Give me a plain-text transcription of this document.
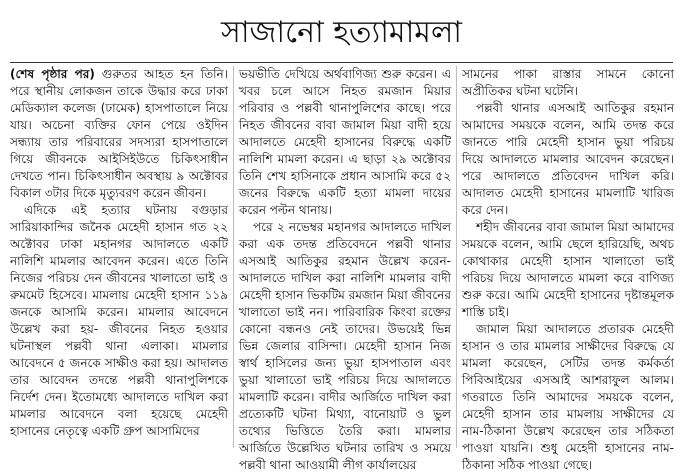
সাজানো হত্যামামলা

(শেষ পৃষ্ঠার পর) গুরুতর আহত হন তিনি। পরে স্থানীয় লোকজন তাকে উদ্ধার করে ঢাকা মেডিক্যাল কলেজ (ঢামেক) হাসপাতালে নিয়ে যায়। অচেনা ব্যক্তির ফোন পেয়ে ওইদিন সন্ধ্যায় তার পরিবারের সদস্যরা হাসপাতালে গিয়ে জীবনকে আইসিইউতে চিকিৎসাধীন দেখতে পান। চিকিৎসাধীন অবস্থায় ৯ অক্টোবর বিকাল ৩টার দিকে মৃত্যুবরণ করেন জীবন।

এদিকে এই হত্যার ঘটনায় বগুড়ার সারিয়াকান্দির জনৈক মেহেদী হাসান গত ২২ অক্টোবর ঢাকা মহানগর আদালতে একটি নালিশি মামলার আবেদন করেন। এতে তিনি নিজের পরিচয় দেন জীবনের খালাতো ভাই ও রুমমেট হিসেবে। মামলায় মেহেদী হাসান ১১৯ জনকে আসামি করেন। মামলার আবেদনে উল্লেখ করা হয়- জীবনের নিহত হওয়ার ঘটনাস্থল পল্লবী থানা এলাকা। মামলার আবেদনে ৫ জনকে সাক্ষীও করা হয়। আদালত তার আবেদন তদন্তে পল্লবী থানাপুলিশকে নির্দেশ দেন। ইতোমধ্যে আদালতে দাখিল করা মামলার আবেদনে বলা হয়েছে মেহেদী হাসানের নেতৃত্বে একটি গ্রুপ আসামিদের

ভয়ভীতি দেখিয়ে অর্থবাণিজ্য শুরু করেন। এ খবর চলে আসে নিহত রমজান মিয়ার পরিবার ও পল্লবী থানাপুলিশের কাছে। পরে নিহত জীবনের বাবা জামাল মিয়া বাদী হয়ে আদালতে মেহেদী হাসানের বিরুদ্ধে একটি নালিশি মামলা করেন। এ ছাড়া ২৯ অক্টোবর তিনি শেখ হাসিনাকে প্রধান আসামি করে ৫২ জনের বিরুদ্ধে একটি হত্যা মামলা দায়ের করেন পল্টন থানায়।

পরে ২ নভেম্বর মহানগর আদালতে দাখিল করা এক তদন্ত প্রতিবেদনে পল্লবী থানার এসআই আতিকুর রহমান উল্লেখ করেন- আদালতে দাখিল করা নালিশি মামলার বাদী মেহেদী হাসান ভিকটিম রমজান মিয়া জীবনের খালাতো ভাই নন। পারিবারিক কিংবা রক্তের কোনো বন্ধনও নেই তাদের। উভয়েই ভিন্ন ভিন্ন জেলার বাসিন্দা। মেহেদী হাসান নিজ স্বার্থ হাসিলের জন্য ভুয়া হাসপাতাল এবং ভুয়া খালাতো ভাই পরিচয় দিয়ে আদালতে মামলাটি করেন। বাদীর আর্জিতে দাখিল করা প্রত্যেকটি ঘটনা মিথ্যা, বানোয়াট ও ভুল তথ্যের ভিত্তিতে তৈরি করা। মামলার আর্জিতে উল্লেখিত ঘটনার তারিখ ও সময়ে পল্লবী থানা আওয়ামী লীগ কার্যালয়ের

সামনের পাকা রাস্তার সামনে কোনো অপ্রীতিকর ঘটনা ঘটেনি।

পল্লবী থানার এসআই আতিকুর রহমান আমাদের সময়কে বলেন, আমি তদন্ত করে জানতে পারি মেহেদী হাসান ভুয়া পরিচয় দিয়ে আদালতে মামলার আবেদন করেছেন। পরে আদালতে প্রতিবেদন দাখিল করি। আদালত মেহেদী হাসানের মামলাটি খারিজ করে দেন।

শহীদ জীবনের বাবা জামাল মিয়া আমাদের সময়কে বলেন, আমি ছেলে হারিয়েছি, অথচ কোথাকার মেহেদী হাসান খালাতো ভাই পরিচয় দিয়ে আদালতে মামলা করে বাণিজ্য শুরু করে। আমি মেহেদী হাসানের দৃষ্টান্তমূলক শাস্তি চাই।

জামাল মিয়া আদালতে প্রতারক মেহেদী হাসান ও তার মামলার সাক্ষীদের বিরুদ্ধে যে মামলা করেছেন, সেটির তদন্ত কর্মকর্তা পিবিআইয়ের এসআই আশরাফুল আলম। গতরাতে তিনি আমাদের সময়কে বলেন, মেহেদী হাসান তার মামলায় সাক্ষীদের যে নাম-ঠিকানা উল্লেখ করেছেন তার সঠিকতা পাওয়া যায়নি। শুধু মেহেদী হাসানের নাম-ঠিকানা সঠিক পাওয়া গেছে।
